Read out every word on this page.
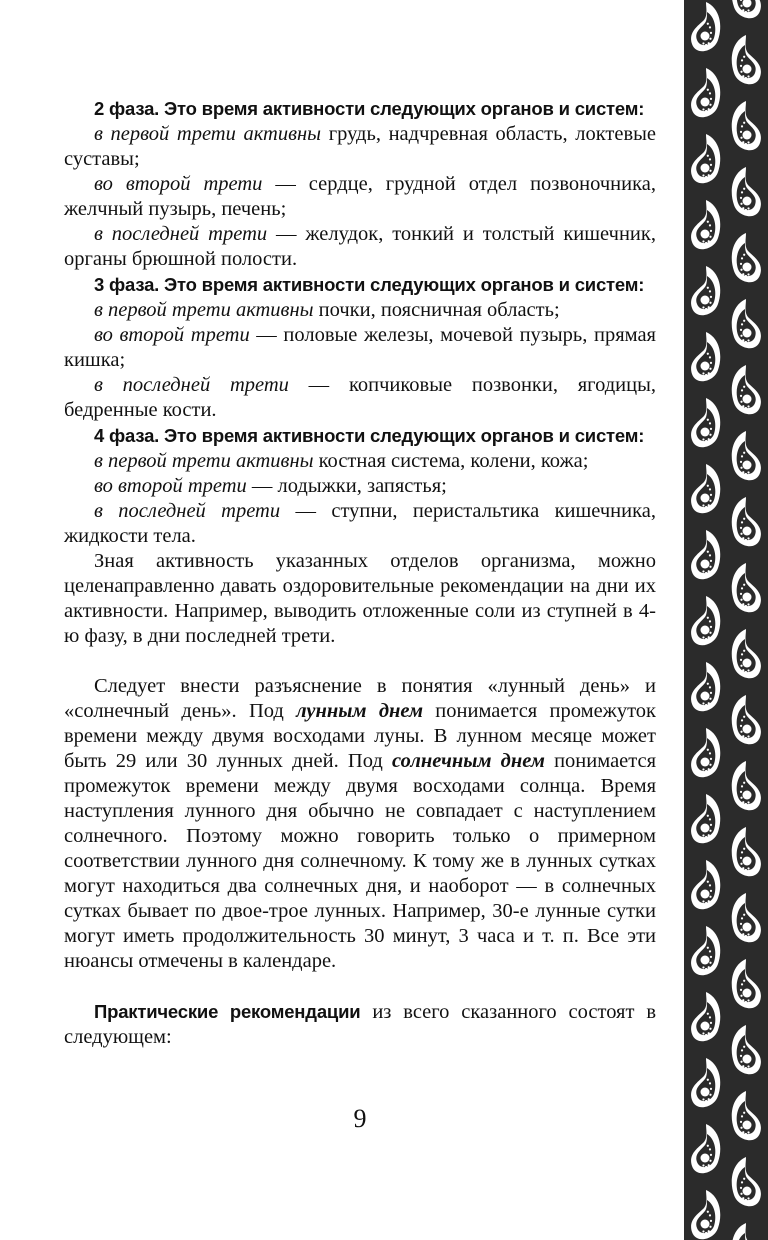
2 фаза. Это время активности следующих органов и систем:

в первой трети активны грудь, надчревная область, локтевые суставы;

во второй трети — сердце, грудной отдел позвоночника, желчный пузырь, печень;

в последней трети — желудок, тонкий и толстый кишечник, органы брюшной полости.

3 фаза. Это время активности следующих органов и систем:

в первой трети активны почки, поясничная область;

во второй трети — половые железы, мочевой пузырь, прямая кишка;

в последней трети — копчиковые позвонки, ягодицы, бедренные кости.

4 фаза. Это время активности следующих органов и систем:

в первой трети активны костная система, колени, кожа;

во второй трети — лодыжки, запястья;

в последней трети — ступни, перистальтика кишечника, жидкости тела.

Зная активность указанных отделов организма, можно целенаправленно давать оздоровительные рекомендации на дни их активности. Например, выводить отложенные соли из ступней в 4-ю фазу, в дни последней трети.

Следует внести разъяснение в понятия «лунный день» и «солнечный день». Под лунным днем понимается промежуток времени между двумя восходами луны. В лунном месяце может быть 29 или 30 лунных дней. Под солнечным днем понимается промежуток времени между двумя восходами солнца. Время наступления лунного дня обычно не совпадает с наступлением солнечного. Поэтому можно говорить только о примерном соответствии лунного дня солнечному. К тому же в лунных сутках могут находиться два солнечных дня, и наоборот — в солнечных сутках бывает по двое-трое лунных. Например, 30-е лунные сутки могут иметь продолжительность 30 минут, 3 часа и т. п. Все эти нюансы отмечены в календаре.

Практические рекомендации из всего сказанного состоят в следующем:

9
